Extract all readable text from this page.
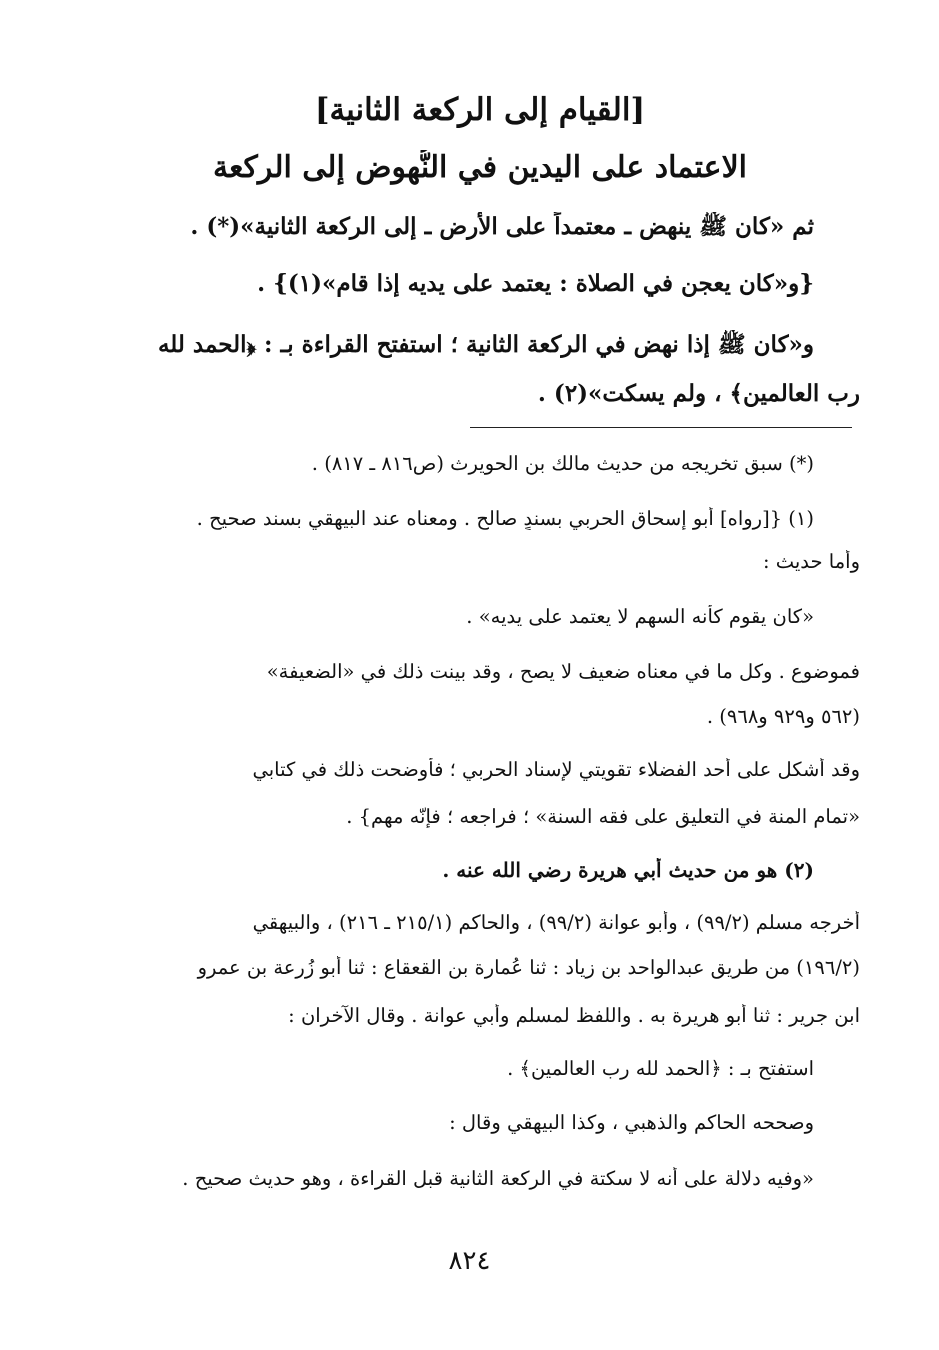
[القيام إلى الركعة الثانية]
الاعتماد على اليدين في النُّهوض إلى الركعة
ثم «كان ﷺ ينهض ـ معتمداً على الأرض ـ إلى الركعة الثانية»(*) .
{و«كان يعجن في الصلاة : يعتمد على يديه إذا قام»(١)} .
و«كان ﷺ إذا نهض في الركعة الثانية ؛ استفتح القراءة بـ : ﴿الحمد لله
رب العالمين﴾ ، ولم يسكت»(٢) .
(*) سبق تخريجه من حديث مالك بن الحويرث (ص٨١٦ ـ ٨١٧) .
(١) {[رواه] أبو إسحاق الحربي بسندٍ صالح . ومعناه عند البيهقي بسند صحيح .
وأما حديث :
«كان يقوم كأنه السهم لا يعتمد على يديه» .
فموضوع . وكل ما في معناه ضعيف لا يصح ، وقد بينت ذلك في «الضعيفة»
(٥٦٢ و٩٢٩ و٩٦٨) .
وقد أشكل على أحد الفضلاء تقويتي لإسناد الحربي ؛ فأوضحت ذلك في كتابي
«تمام المنة في التعليق على فقه السنة» ؛ فراجعه ؛ فإنّه مهم} .
(٢) هو من حديث أبي هريرة رضي الله عنه .
أخرجه مسلم (٩٩/٢) ، وأبو عوانة (٩٩/٢) ، والحاكم (٢١٥/١ ـ ٢١٦) ، والبيهقي
(١٩٦/٢) من طريق عبدالواحد بن زياد : ثنا عُمارة بن القعقاع : ثنا أبو زُرعة بن عمرو
ابن جرير : ثنا أبو هريرة به . واللفظ لمسلم وأبي عوانة . وقال الآخران :
استفتح بـ : ﴿الحمد لله رب العالمين﴾ .
وصححه الحاكم والذهبي ، وكذا البيهقي وقال :
«وفيه دلالة على أنه لا سكتة في الركعة الثانية قبل القراءة ، وهو حديث صحيح .
٨٢٤
